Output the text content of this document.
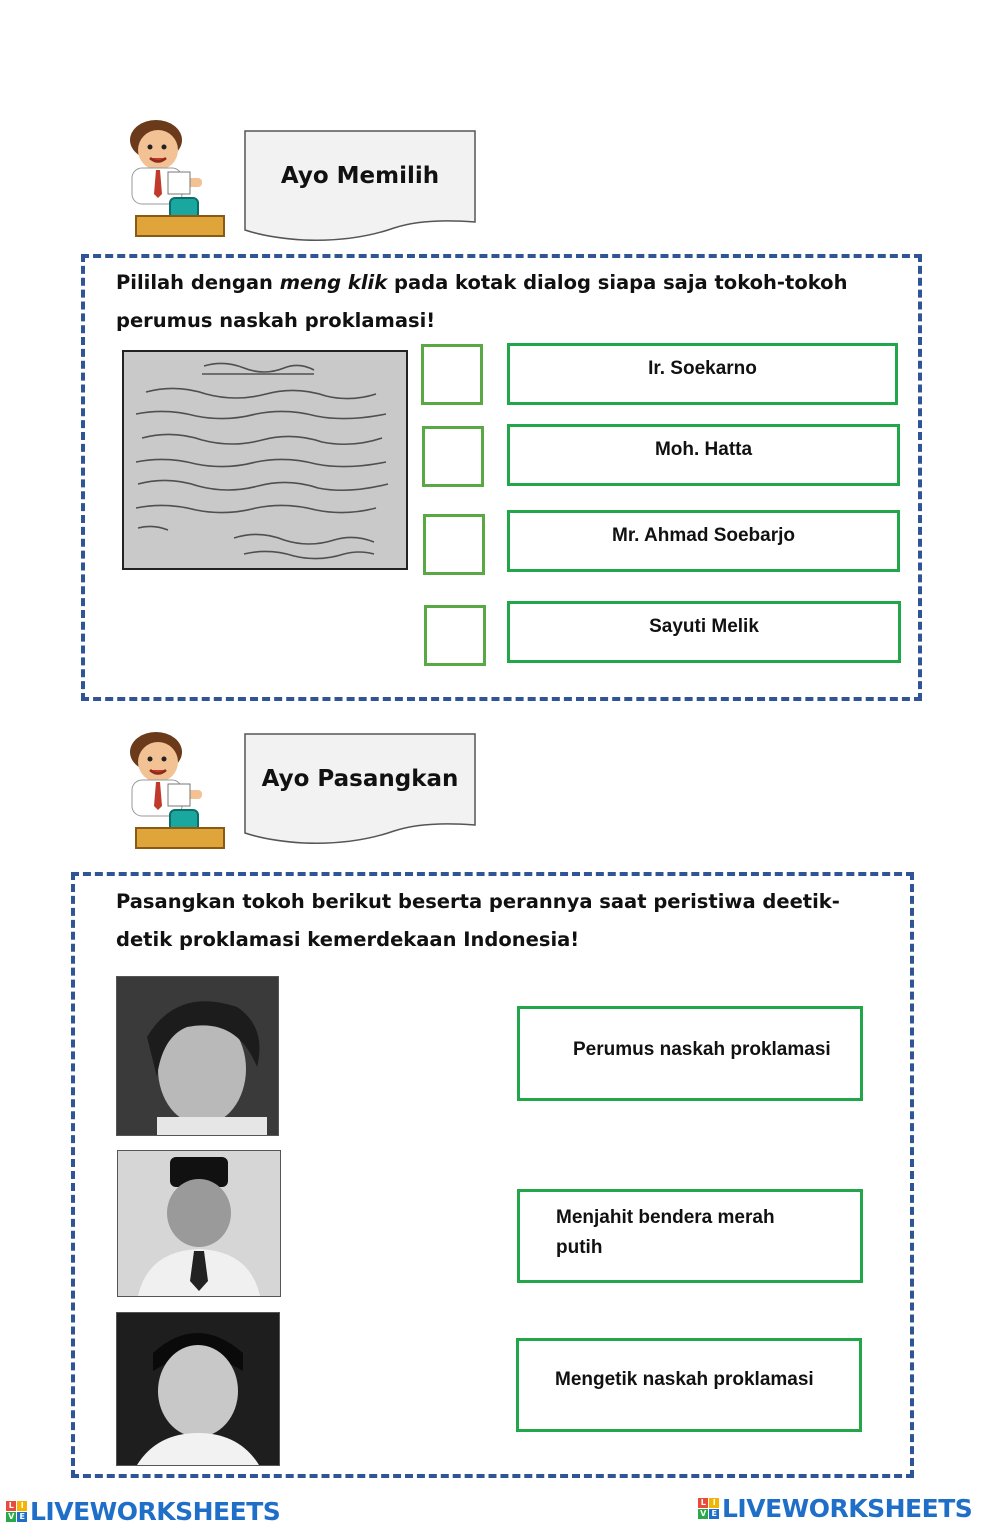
Ayo Memilih
Pililah dengan meng klik pada kotak dialog siapa saja tokoh-tokoh
perumus naskah proklamasi!
Ir. Soekarno
Moh. Hatta
Mr. Ahmad Soebarjo
Sayuti Melik
Ayo Pasangkan
Pasangkan tokoh berikut beserta perannya saat peristiwa deetik-
detik proklamasi kemerdekaan Indonesia!
Perumus naskah proklamasi
Menjahit bendera merah putih
Mengetik naskah proklamasi
L I
V E LIVEWORKSHEETS	L I
V E LIVEWORKSHEETS
